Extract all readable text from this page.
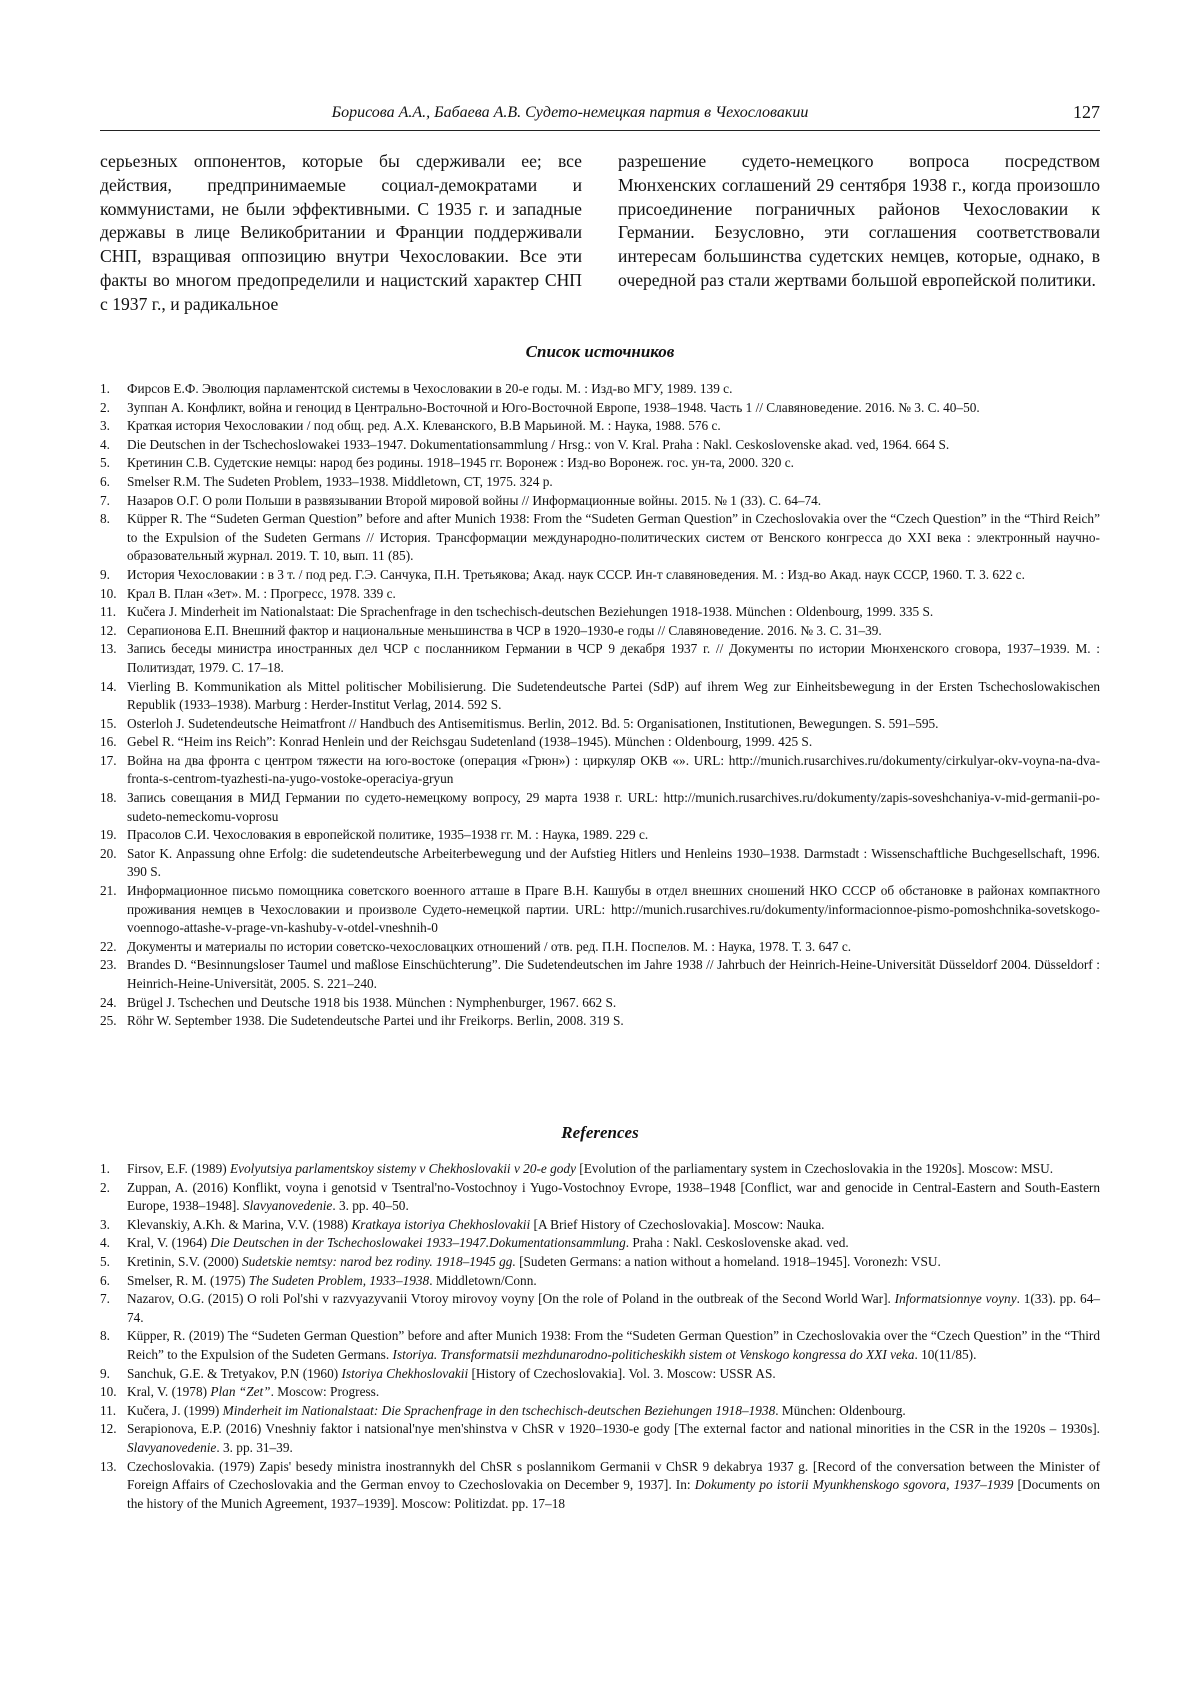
Борисова А.А., Бабаева А.В. Судето-немецкая партия в Чехословакии	127
серьезных оппонентов, которые бы сдерживали ее; все действия, предпринимаемые социал-демократами и коммунистами, не были эффективными. С 1935 г. и западные державы в лице Великобритании и Франции поддерживали СНП, взращивая оппозицию внутри Чехословакии. Все эти факты во многом предопределили и нацистский характер СНП с 1937 г., и радикальное
разрешение судето-немецкого вопроса посредством Мюнхенских соглашений 29 сентября 1938 г., когда произошло присоединение пограничных районов Чехословакии к Германии. Безусловно, эти соглашения соответствовали интересам большинства судетских немцев, которые, однако, в очередной раз стали жертвами большой европейской политики.
Список источников
1. Фирсов Е.Ф. Эволюция парламентской системы в Чехословакии в 20-е годы. М. : Изд-во МГУ, 1989. 139 с.
2. Зуппан А. Конфликт, война и геноцид в Центрально-Восточной и Юго-Восточной Европе, 1938–1948. Часть 1 // Славяноведение. 2016. № 3. С. 40–50.
3. Краткая история Чехословакии / под общ. ред. А.Х. Клеванского, В.В Марьиной. М. : Наука, 1988. 576 с.
4. Die Deutschen in der Tschechoslowakei 1933–1947. Dokumentationsammlung / Hrsg.: von V. Kral. Praha : Nakl. Ceskoslovenske akad. ved, 1964. 664 S.
5. Кретинин С.В. Судетские немцы: народ без родины. 1918–1945 гг. Воронеж : Изд-во Воронеж. гос. ун-та, 2000. 320 с.
6. Smelser R.M. The Sudeten Problem, 1933–1938. Middletown, CT, 1975. 324 p.
7. Назаров О.Г. О роли Польши в развязывании Второй мировой войны // Информационные войны. 2015. № 1 (33). С. 64–74.
8. Küpper R. The “Sudeten German Question” before and after Munich 1938: From the “Sudeten German Question” in Czechoslovakia over the “Czech Question” in the “Third Reich” to the Expulsion of the Sudeten Germans // История. Трансформации международно-политических систем от Венского конгресса до XXI века : электронный научно-образовательный журнал. 2019. Т. 10, вып. 11 (85).
9. История Чехословакии : в 3 т. / под ред. Г.Э. Санчука, П.Н. Третьякова; Акад. наук СССР. Ин-т славяноведения. М. : Изд-во Акад. наук СССР, 1960. Т. 3. 622 с.
10. Крал В. План «Зет». М. : Прогресс, 1978. 339 с.
11. Kučera J. Minderheit im Nationalstaat: Die Sprachenfrage in den tschechisch-deutschen Beziehungen 1918-1938. München : Oldenbourg, 1999. 335 S.
12. Серапионова Е.П. Внешний фактор и национальные меньшинства в ЧСР в 1920–1930-е годы // Славяноведение. 2016. № 3. С. 31–39.
13. Запись беседы министра иностранных дел ЧСР с посланником Германии в ЧСР 9 декабря 1937 г. // Документы по истории Мюнхенского сговора, 1937–1939. М. : Политиздат, 1979. С. 17–18.
14. Vierling B. Kommunikation als Mittel politischer Mobilisierung. Die Sudetendeutsche Partei (SdP) auf ihrem Weg zur Einheitsbewegung in der Ersten Tschechoslowakischen Republik (1933–1938). Marburg : Herder-Institut Verlag, 2014. 592 S.
15. Osterloh J. Sudetendeutsche Heimatfront // Handbuch des Antisemitismus. Berlin, 2012. Bd. 5: Organisationen, Institutionen, Bewegungen. S. 591–595.
16. Gebel R. “Heim ins Reich”: Konrad Henlein und der Reichsgau Sudetenland (1938–1945). München : Oldenbourg, 1999. 425 S.
17. Война на два фронта с центром тяжести на юго-востоке (операция «Грюн») : циркуляр ОКВ «». URL: http://munich.rusarchives.ru/dokumenty/cirkulyar-okv-voyna-na-dva-fronta-s-centrom-tyazhesti-na-yugo-vostoke-operaciya-gryun
18. Запись совещания в МИД Германии по судето-немецкому вопросу, 29 марта 1938 г. URL: http://munich.rusarchives.ru/dokumenty/zapis-soveshchaniya-v-mid-germanii-po-sudeto-nemeckomu-voprosu
19. Прасолов С.И. Чехословакия в европейской политике, 1935–1938 гг. М. : Наука, 1989. 229 с.
20. Sator K. Anpassung ohne Erfolg: die sudetendeutsche Arbeiterbewegung und der Aufstieg Hitlers und Henleins 1930–1938. Darmstadt : Wissenschaftliche Buchgesellschaft, 1996. 390 S.
21. Информационное письмо помощника советского военного атташе в Праге В.Н. Кашубы в отдел внешних сношений НКО СССР об обстановке в районах компактного проживания немцев в Чехословакии и произволе Судето-немецкой партии. URL: http://munich.rusarchives.ru/dokumenty/informacionnoe-pismo-pomoshchnika-sovetskogo-voennogo-attashe-v-prage-vn-kashuby-v-otdel-vneshnih-0
22. Документы и материалы по истории советско-чехословацких отношений / отв. ред. П.Н. Поспелов. М. : Наука, 1978. Т. 3. 647 с.
23. Brandes D. “Besinnungsloser Taumel und maßlose Einschüchterung”. Die Sudetendeutschen im Jahre 1938 // Jahrbuch der Heinrich-Heine-Universität Düsseldorf 2004. Düsseldorf : Heinrich-Heine-Universität, 2005. S. 221–240.
24. Brügel J. Tschechen und Deutsche 1918 bis 1938. München : Nymphenburger, 1967. 662 S.
25. Röhr W. September 1938. Die Sudetendeutsche Partei und ihr Freikorps. Berlin, 2008. 319 S.
References
1. Firsov, E.F. (1989) Evolyutsiya parlamentskoy sistemy v Chekhoslovakii v 20-e gody [Evolution of the parliamentary system in Czechoslovakia in the 1920s]. Moscow: MSU.
2. Zuppan, A. (2016) Konflikt, voyna i genotsid v Tsentral'no-Vostochnoy i Yugo-Vostochnoy Evrope, 1938–1948 [Conflict, war and genocide in Central-Eastern and South-Eastern Europe, 1938–1948]. Slavyanovedenie. 3. pp. 40–50.
3. Klevanskiy, A.Kh. & Marina, V.V. (1988) Kratkaya istoriya Chekhoslovakii [A Brief History of Czechoslovakia]. Moscow: Nauka.
4. Kral, V. (1964) Die Deutschen in der Tschechoslowakei 1933–1947.Dokumentationsammlung. Praha : Nakl. Ceskoslovenske akad. ved.
5. Kretinin, S.V. (2000) Sudetskie nemtsy: narod bez rodiny. 1918–1945 gg. [Sudeten Germans: a nation without a homeland. 1918–1945]. Voronezh: VSU.
6. Smelser, R. M. (1975) The Sudeten Problem, 1933–1938. Middletown/Conn.
7. Nazarov, O.G. (2015) O roli Pol'shi v razvyazyvanii Vtoroy mirovoy voyny [On the role of Poland in the outbreak of the Second World War]. Informatsionnye voyny. 1(33). pp. 64–74.
8. Küpper, R. (2019) The “Sudeten German Question” before and after Munich 1938: From the “Sudeten German Question” in Czechoslovakia over the “Czech Question” in the “Third Reich” to the Expulsion of the Sudeten Germans. Istoriya. Transformatsii mezhdunarodno-politicheskikh sistem ot Venskogo kongressa do XXI veka. 10(11/85).
9. Sanchuk, G.E. & Tretyakov, P.N (1960) Istoriya Chekhoslovakii [History of Czechoslovakia]. Vol. 3. Moscow: USSR AS.
10. Kral, V. (1978) Plan “Zet”. Moscow: Progress.
11. Kučera, J. (1999) Minderheit im Nationalstaat: Die Sprachenfrage in den tschechisch-deutschen Beziehungen 1918–1938. München: Oldenbourg.
12. Serapionova, E.P. (2016) Vneshniy faktor i natsional'nye men'shinstva v ChSR v 1920–1930-e gody [The external factor and national minorities in the CSR in the 1920s – 1930s]. Slavyanovedenie. 3. pp. 31–39.
13. Czechoslovakia. (1979) Zapis' besedy ministra inostrannykh del ChSR s poslannikom Germanii v ChSR 9 dekabrya 1937 g. [Record of the conversation between the Minister of Foreign Affairs of Czechoslovakia and the German envoy to Czechoslovakia on December 9, 1937]. In: Dokumenty po istorii Myunkhenskogo sgovora, 1937–1939 [Documents on the history of the Munich Agreement, 1937–1939]. Moscow: Politizdat. pp. 17–18
